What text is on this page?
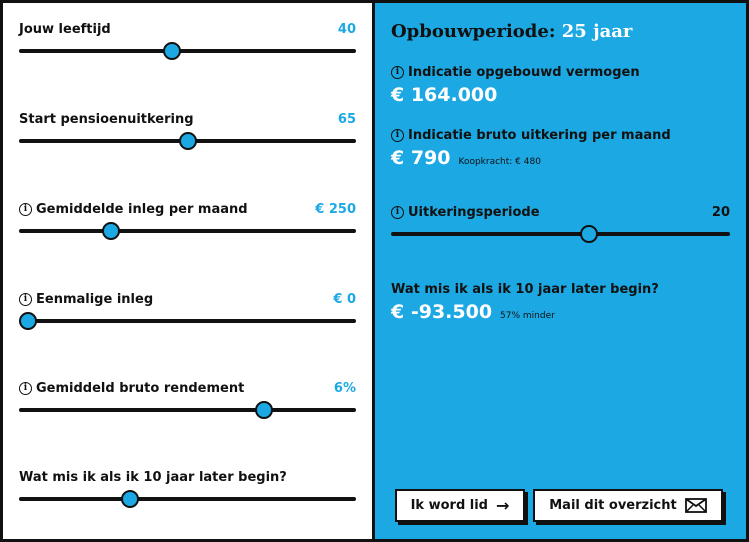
Jouw leeftijd	40
Start pensioenuitkering	65
i Gemiddelde inleg per maand	€ 250
i Eenmalige inleg	€ 0
i Gemiddeld bruto rendement	6%
Wat mis ik als ik 10 jaar later begin?
Opbouwperiode: 25 jaar
i Indicatie opgebouwd vermogen
€ 164.000
i Indicatie bruto uitkering per maand
€ 790 Koopkracht: € 480
i Uitkeringsperiode	20
Wat mis ik als ik 10 jaar later begin?
€ -93.500 57% minder
Ik word lid →	Mail dit overzicht
